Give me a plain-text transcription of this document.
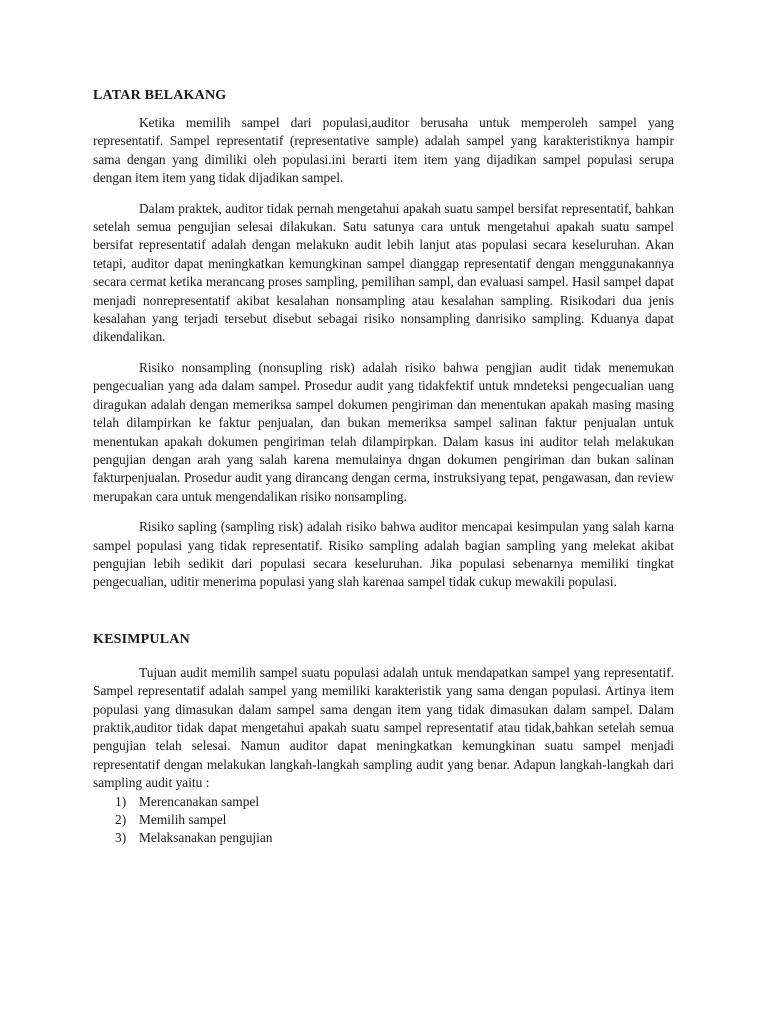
LATAR BELAKANG

Ketika memilih sampel dari populasi,auditor berusaha untuk memperoleh sampel yang representatif. Sampel representatif (representative sample) adalah sampel yang karakteristiknya hampir sama dengan yang dimiliki oleh populasi.ini berarti item item yang dijadikan sampel populasi serupa dengan item item yang tidak dijadikan sampel.

Dalam praktek, auditor tidak pernah mengetahui apakah suatu sampel bersifat representatif, bahkan setelah semua pengujian selesai dilakukan. Satu satunya cara untuk mengetahui apakah suatu sampel bersifat representatif adalah dengan melakukn audit lebih lanjut atas populasi secara keseluruhan. Akan tetapi, auditor dapat meningkatkan kemungkinan sampel dianggap representatif dengan menggunakannya secara cermat ketika merancang proses sampling, pemilihan sampl, dan evaluasi sampel. Hasil sampel dapat menjadi nonrepresentatif akibat kesalahan nonsampling atau kesalahan sampling. Risikodari dua jenis kesalahan yang terjadi tersebut disebut sebagai risiko nonsampling danrisiko sampling. Kduanya dapat dikendalikan.

Risiko nonsampling (nonsupling risk) adalah risiko bahwa pengjian audit tidak menemukan pengecualian yang ada dalam sampel. Prosedur audit yang tidakfektif untuk mndeteksi pengecualian uang diragukan adalah dengan memeriksa sampel dokumen pengiriman dan menentukan apakah masing masing telah dilampirkan ke faktur penjualan, dan bukan memeriksa sampel salinan faktur penjualan untuk menentukan apakah dokumen pengiriman telah dilampirpkan. Dalam kasus ini auditor telah melakukan pengujian dengan arah yang salah karena memulainya dngan dokumen pengiriman dan bukan salinan fakturpenjualan. Prosedur audit yang dirancang dengan cerma, instruksiyang tepat, pengawasan, dan review merupakan cara untuk mengendalikan risiko nonsampling.

Risiko sapling (sampling risk) adalah risiko bahwa auditor mencapai kesimpulan yang salah karna sampel populasi yang tidak representatif. Risiko sampling adalah bagian sampling yang melekat akibat pengujian lebih sedikit dari populasi secara keseluruhan. Jika populasi sebenarnya memiliki tingkat pengecualian, uditir menerima populasi yang slah karenaa sampel tidak cukup mewakili populasi.

KESIMPULAN

Tujuan audit memilih sampel suatu populasi adalah untuk mendapatkan sampel yang representatif. Sampel representatif adalah sampel yang memiliki karakteristik yang sama dengan populasi. Artinya item populasi yang dimasukan dalam sampel sama dengan item yang tidak dimasukan dalam sampel. Dalam praktik,auditor tidak dapat mengetahui apakah suatu sampel representatif atau tidak,bahkan setelah semua pengujian telah selesai. Namun auditor dapat meningkatkan kemungkinan suatu sampel menjadi representatif dengan melakukan langkah-langkah sampling audit yang benar. Adapun langkah-langkah dari sampling audit yaitu :

1) Merencanakan sampel
2) Memilih sampel
3) Melaksanakan pengujian
